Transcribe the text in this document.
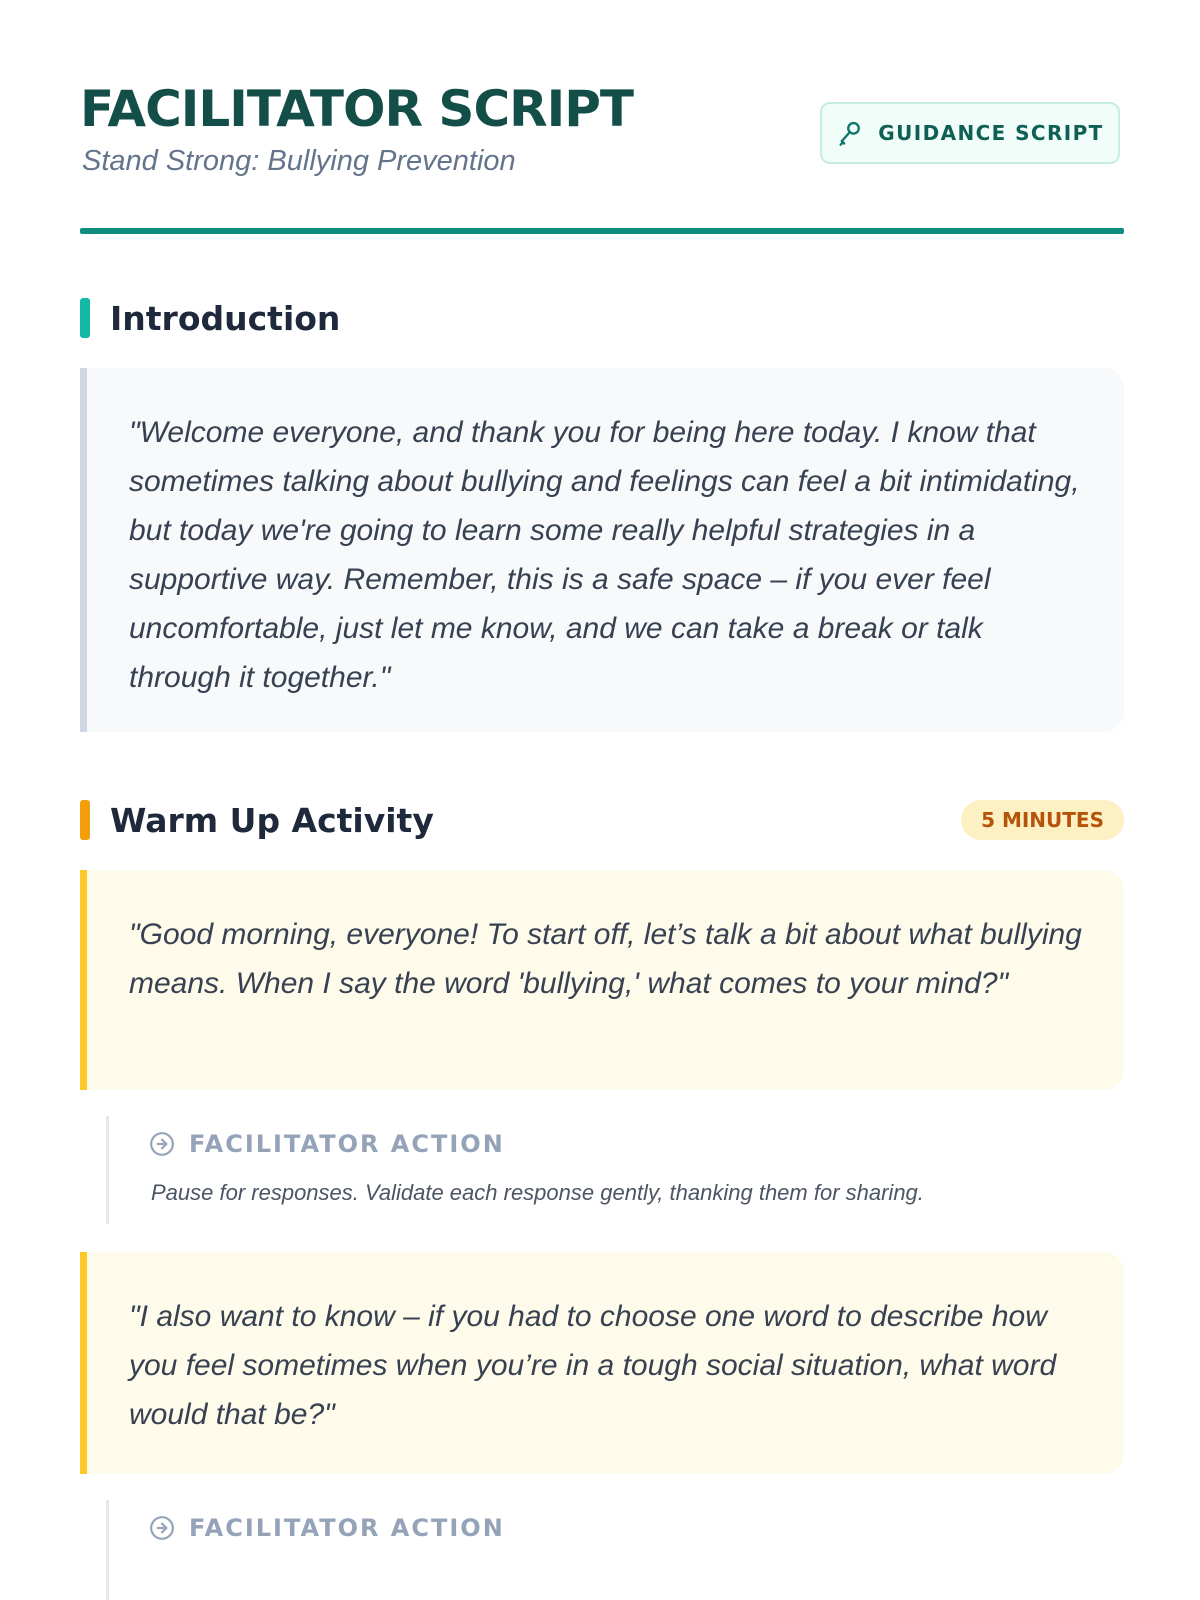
FACILITATOR SCRIPT
Stand Strong: Bullying Prevention
GUIDANCE SCRIPT
Introduction

"Welcome everyone, and thank you for being here today. I know that sometimes talking about bullying and feelings can feel a bit intimidating, but today we're going to learn some really helpful strategies in a supportive way. Remember, this is a safe space – if you ever feel uncomfortable, just let me know, and we can take a break or talk through it together."

Warm Up Activity	5 MINUTES

"Good morning, everyone! To start off, let’s talk a bit about what bullying means. When I say the word 'bullying,' what comes to your mind?"

FACILITATOR ACTION
Pause for responses. Validate each response gently, thanking them for sharing.

"I also want to know – if you had to choose one word to describe how you feel sometimes when you’re in a tough social situation, what word would that be?"

FACILITATOR ACTION
